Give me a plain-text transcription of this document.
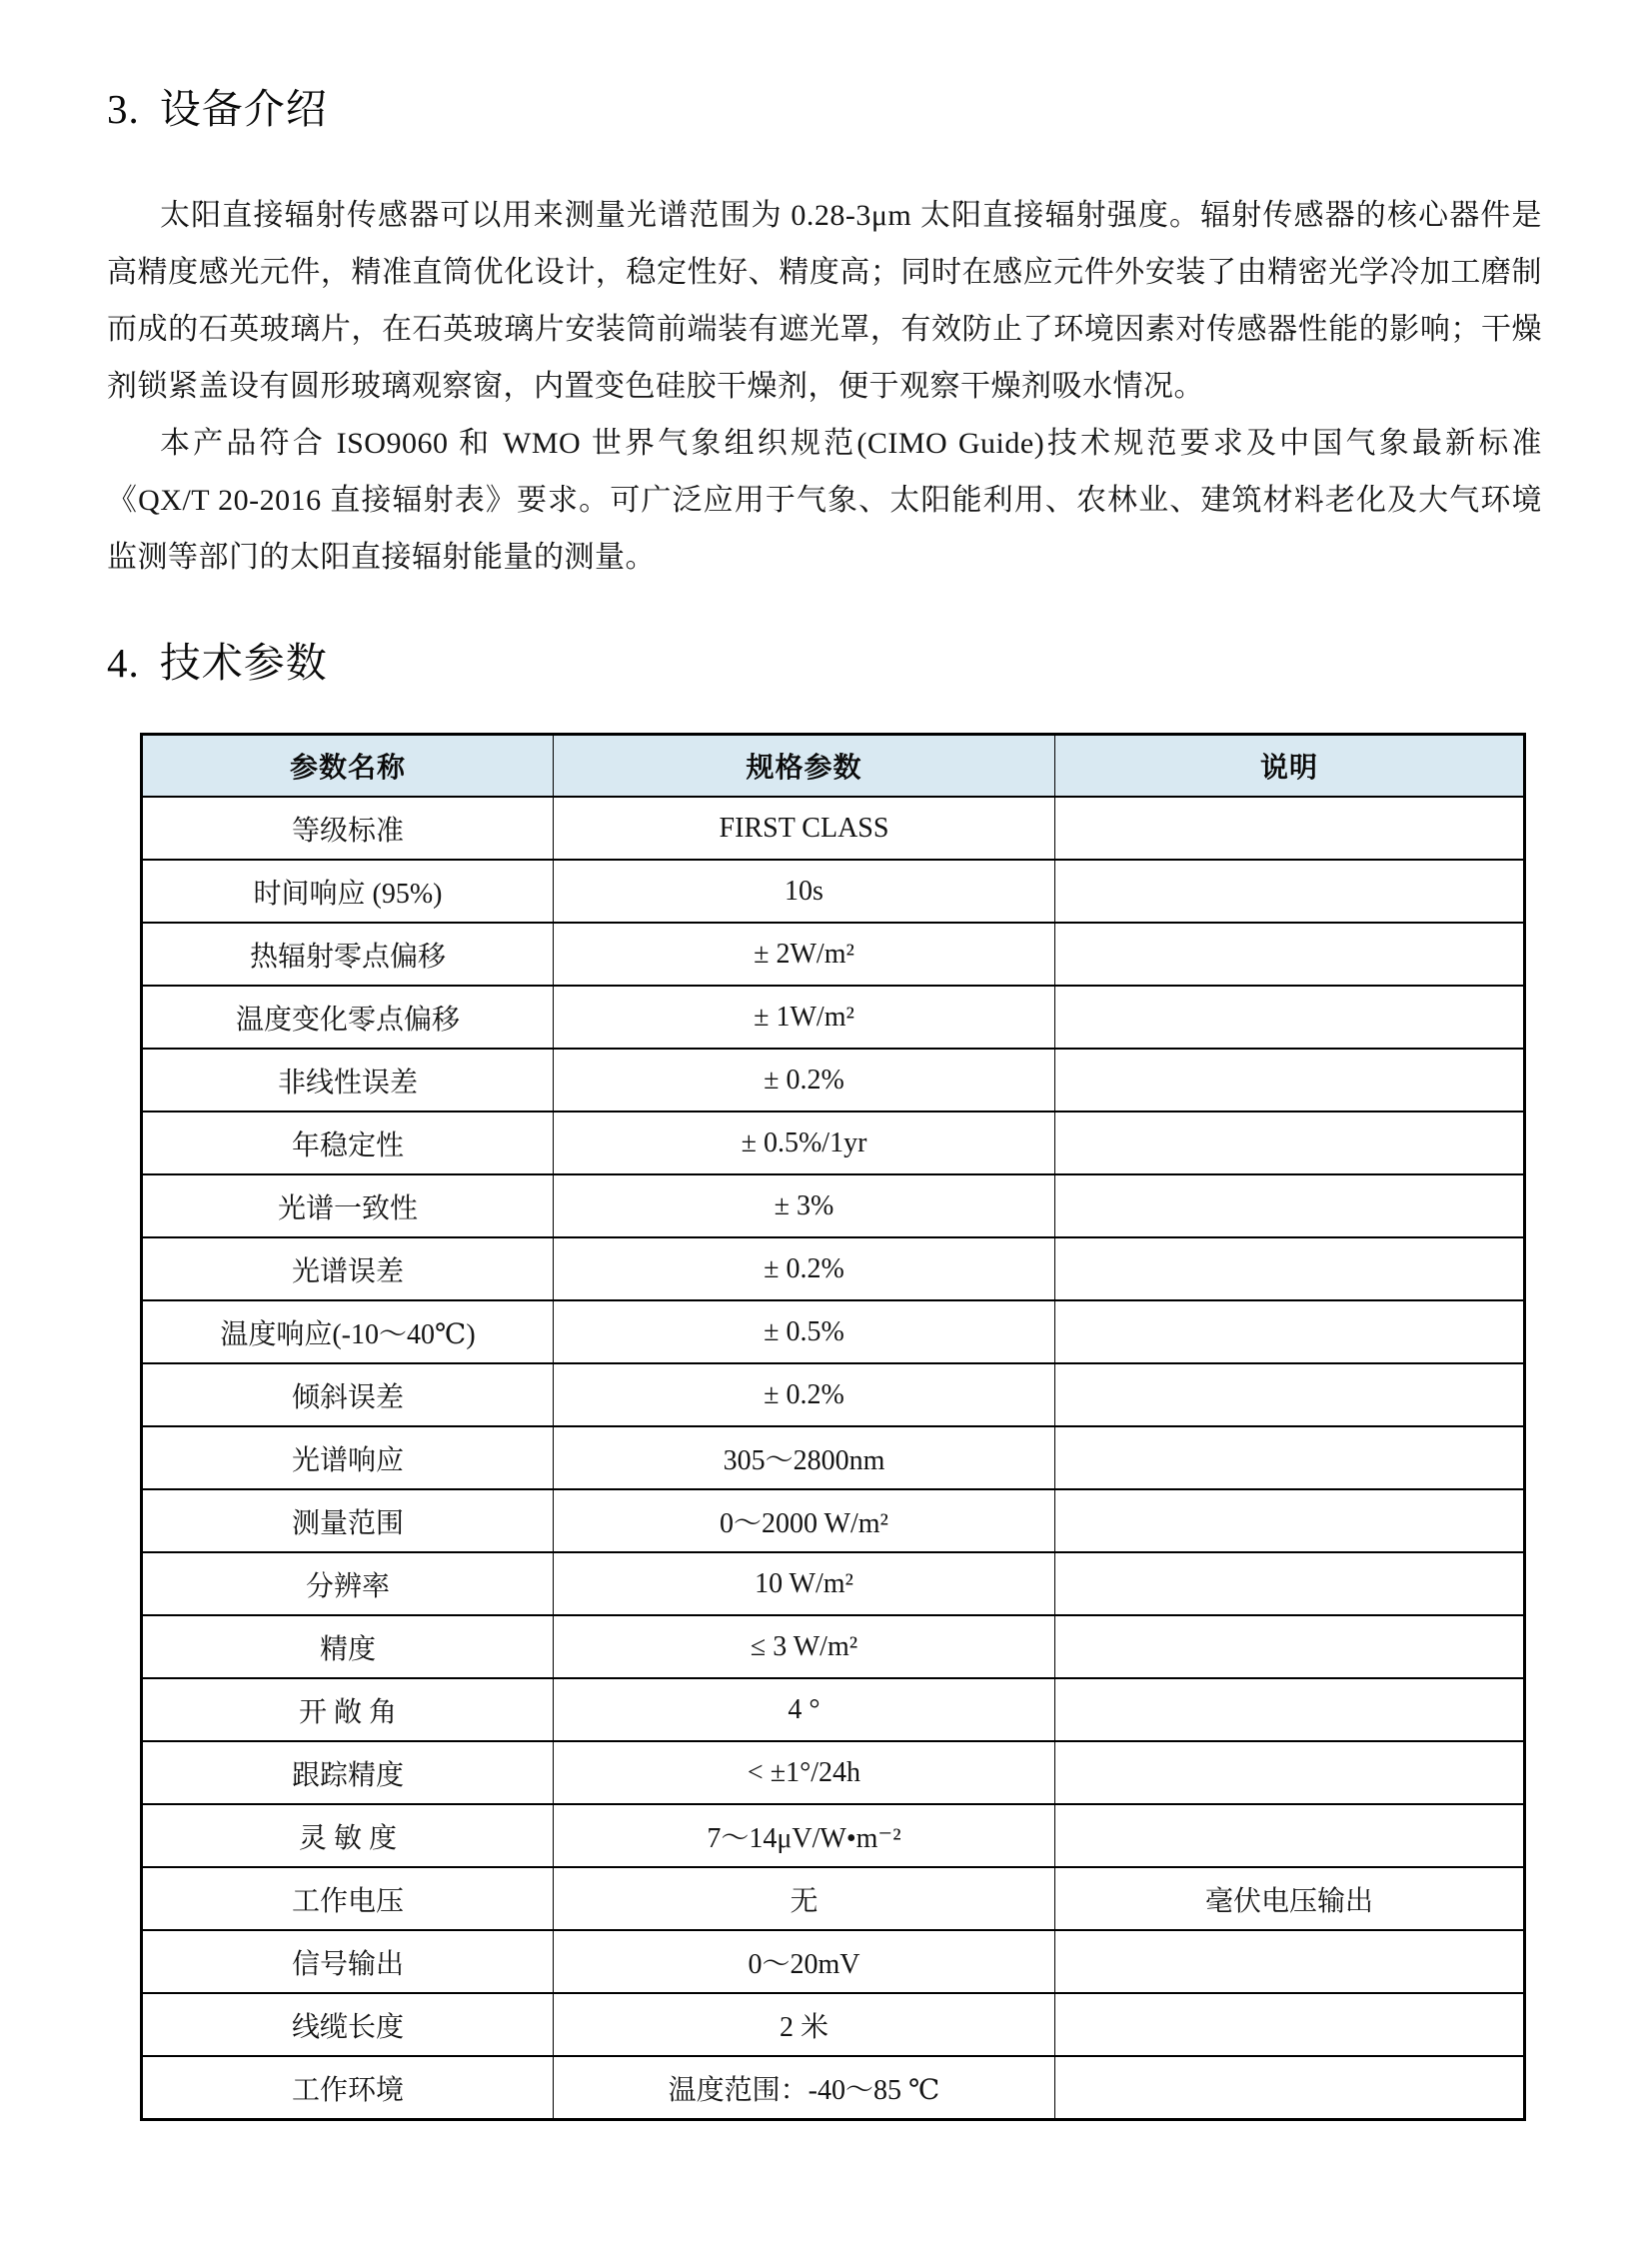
3. 设备介绍

太阳直接辐射传感器可以用来测量光谱范围为 0.28-3μm 太阳直接辐射强度。辐射传感器的核心器件是高精度感光元件，精准直筒优化设计，稳定性好、精度高；同时在感应元件外安装了由精密光学冷加工磨制而成的石英玻璃片，在石英玻璃片安装筒前端装有遮光罩，有效防止了环境因素对传感器性能的影响；干燥剂锁紧盖设有圆形玻璃观察窗，内置变色硅胶干燥剂，便于观察干燥剂吸水情况。

本产品符合 ISO9060 和 WMO 世界气象组织规范(CIMO Guide)技术规范要求及中国气象最新标准《QX/T 20-2016 直接辐射表》要求。可广泛应用于气象、太阳能利用、农林业、建筑材料老化及大气环境监测等部门的太阳直接辐射能量的测量。

4. 技术参数
参数名称	规格参数	说明
等级标准	FIRST CLASS	
时间响应 (95%)	10s	
热辐射零点偏移	± 2W/m²	
温度变化零点偏移	± 1W/m²	
非线性误差	± 0.2%	
年稳定性	± 0.5%/1yr	
光谱一致性	± 3%	
光谱误差	± 0.2%	
温度响应(-10～40℃)	± 0.5%	
倾斜误差	± 0.2%	
光谱响应	305～2800nm	
测量范围	0～2000 W/m²	
分辨率	10 W/m²	
精度	≤ 3 W/m²	
开 敞 角	4 °	
跟踪精度	< ±1°/24h	
灵 敏 度	7～14μV/W•m⁻²	
工作电压	无	毫伏电压输出
信号输出	0～20mV	
线缆长度	2 米	
工作环境	温度范围：-40～85 ℃	
